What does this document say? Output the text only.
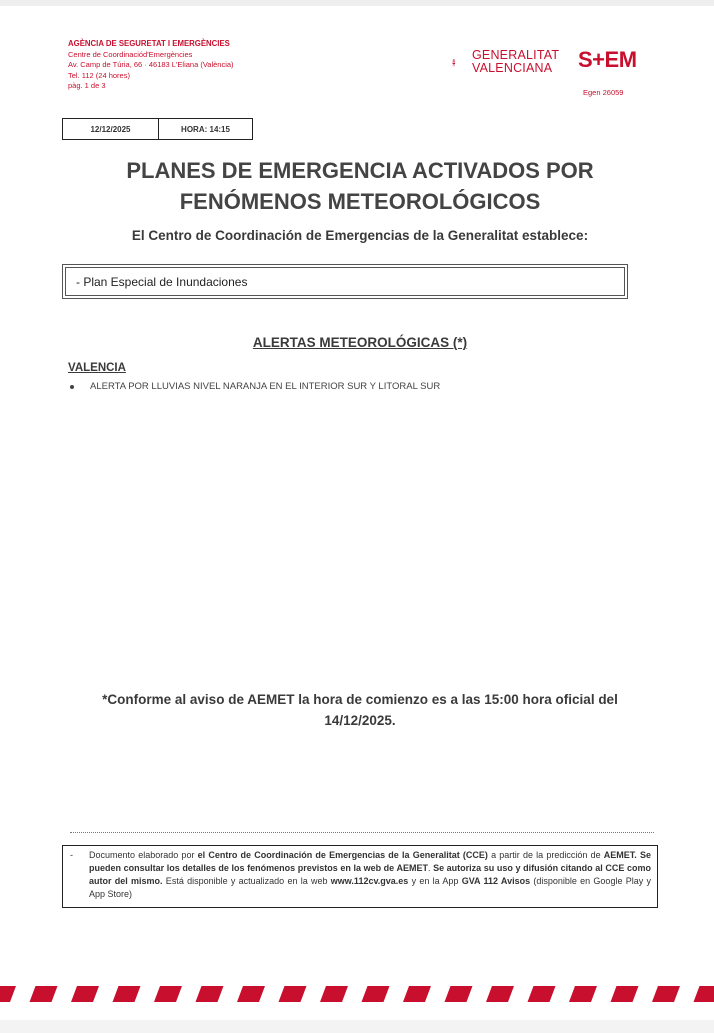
AGÈNCIA DE SEGURETAT I EMERGÈNCIES
Centre de Coordinaciód'Emergències
Av. Camp de Túria, 66 · 46183 L'Eliana (València)
Tel. 112 (24 hores)
pàg. 1 de 3
GENERALITAT
VALENCIANA	S+EM
Egen 26059
12/12/2025	HORA: 14:15
PLANES DE EMERGENCIA ACTIVADOS POR
FENÓMENOS METEOROLÓGICOS
El Centro de Coordinación de Emergencias de la Generalitat establece:
- Plan Especial de Inundaciones
ALERTAS METEOROLÓGICAS (*)
VALENCIA
ALERTA POR LLUVIAS NIVEL NARANJA EN EL INTERIOR SUR Y LITORAL SUR
*Conforme al aviso de AEMET la hora de comienzo es a las 15:00 hora oficial del
14/12/2025.
- Documento elaborado por el Centro de Coordinación de Emergencias de la Generalitat (CCE) a partir de la predicción de AEMET. Se pueden consultar los detalles de los fenómenos previstos en la web de AEMET. Se autoriza su uso y difusión citando al CCE como autor del mismo. Está disponible y actualizado en la web www.112cv.gva.es y en la App GVA 112 Avisos (disponible en Google Play y App Store)
